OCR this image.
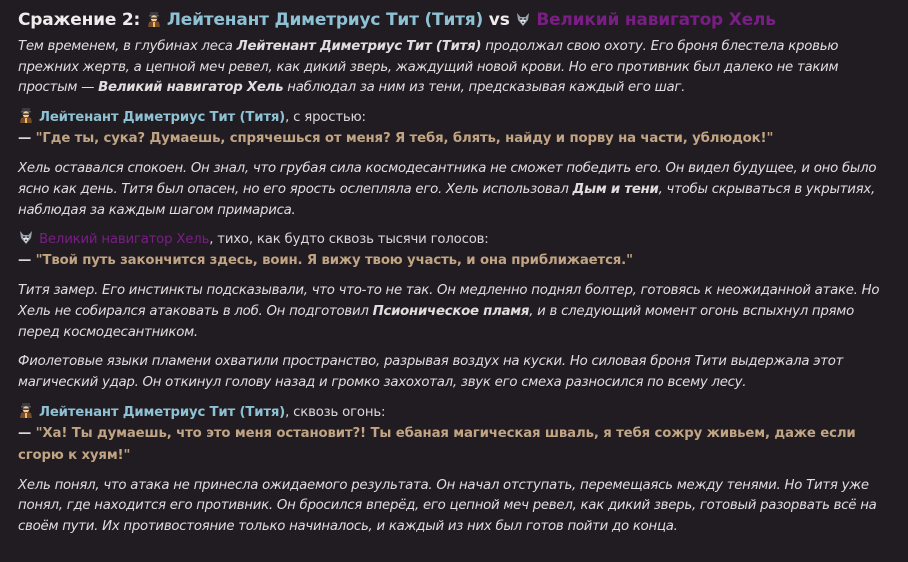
Сражение 2:
Лейтенант Диметриус Тит (Титя) vs
Великий навигатор Хель

Тем временем, в глубинах леса Лейтенант Диметриус Тит (Титя) продолжал свою охоту. Его броня блестела кровью прежних жертв, а цепной меч ревел, как дикий зверь, жаждущий новой крови. Но его противник был далеко не таким простым — Великий навигатор Хель наблюдал за ним из тени, предсказывая каждый его шаг.

Лейтенант Диметриус Тит (Титя), с яростью:
— "Где ты, сука? Думаешь, спрячешься от меня? Я тебя, блять, найду и порву на части, ублюдок!"

Хель оставался спокоен. Он знал, что грубая сила космодесантника не сможет победить его. Он видел будущее, и оно было ясно как день. Титя был опасен, но его ярость ослепляла его. Хель использовал Дым и тени, чтобы скрываться в укрытиях, наблюдая за каждым шагом примариса.

Великий навигатор Хель, тихо, как будто сквозь тысячи голосов:
— "Твой путь закончится здесь, воин. Я вижу твою участь, и она приближается."

Титя замер. Его инстинкты подсказывали, что что-то не так. Он медленно поднял болтер, готовясь к неожиданной атаке. Но Хель не собирался атаковать в лоб. Он подготовил Псионическое пламя, и в следующий момент огонь вспыхнул прямо перед космодесантником.

Фиолетовые языки пламени охватили пространство, разрывая воздух на куски. Но силовая броня Тити выдержала этот магический удар. Он откинул голову назад и громко захохотал, звук его смеха разносился по всему лесу.

Лейтенант Диметриус Тит (Титя), сквозь огонь:
— "Ха! Ты думаешь, что это меня остановит?! Ты ебаная магическая шваль, я тебя сожру живьем, даже если сгорю к хуям!"

Хель понял, что атака не принесла ожидаемого результата. Он начал отступать, перемещаясь между тенями. Но Титя уже понял, где находится его противник. Он бросился вперёд, его цепной меч ревел, как дикий зверь, готовый разорвать всё на своём пути. Их противостояние только начиналось, и каждый из них был готов пойти до конца.
